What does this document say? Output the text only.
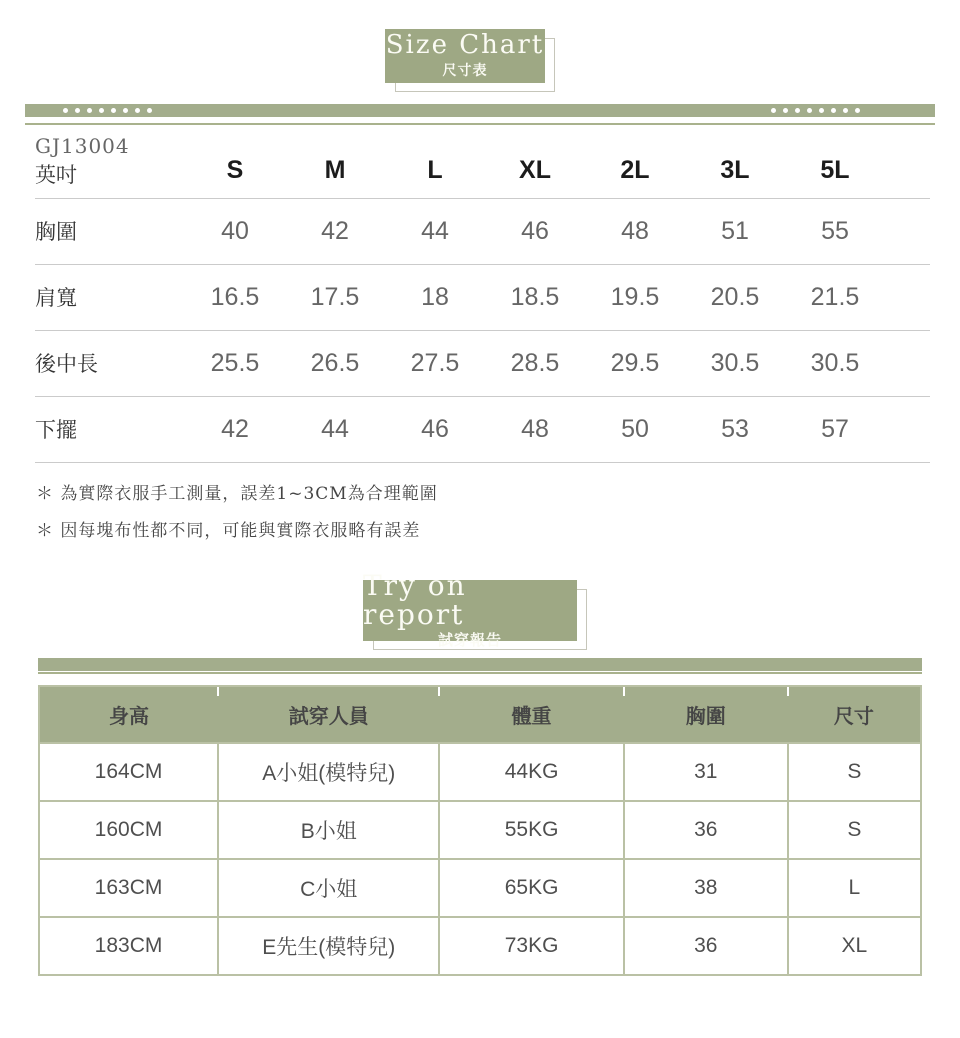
Size Chart
尺寸表
GJ13004
英吋	S	M	L	XL	2L	3L	5L	
胸圍	40	42	44	46	48	51	55	
肩寬	16.5	17.5	18	18.5	19.5	20.5	21.5	
後中長	25.5	26.5	27.5	28.5	29.5	30.5	30.5	
下擺	42	44	46	48	50	53	57	
＊ 為實際衣服手工測量，誤差1~3CM為合理範圍
＊ 因每塊布性都不同，可能與實際衣服略有誤差
Try on report
試穿報告
身高	試穿人員	體重	胸圍	尺寸
164CM	A小姐(模特兒)	44KG	31	S
160CM	B小姐	55KG	36	S
163CM	C小姐	65KG	38	L
183CM	E先生(模特兒)	73KG	36	XL
